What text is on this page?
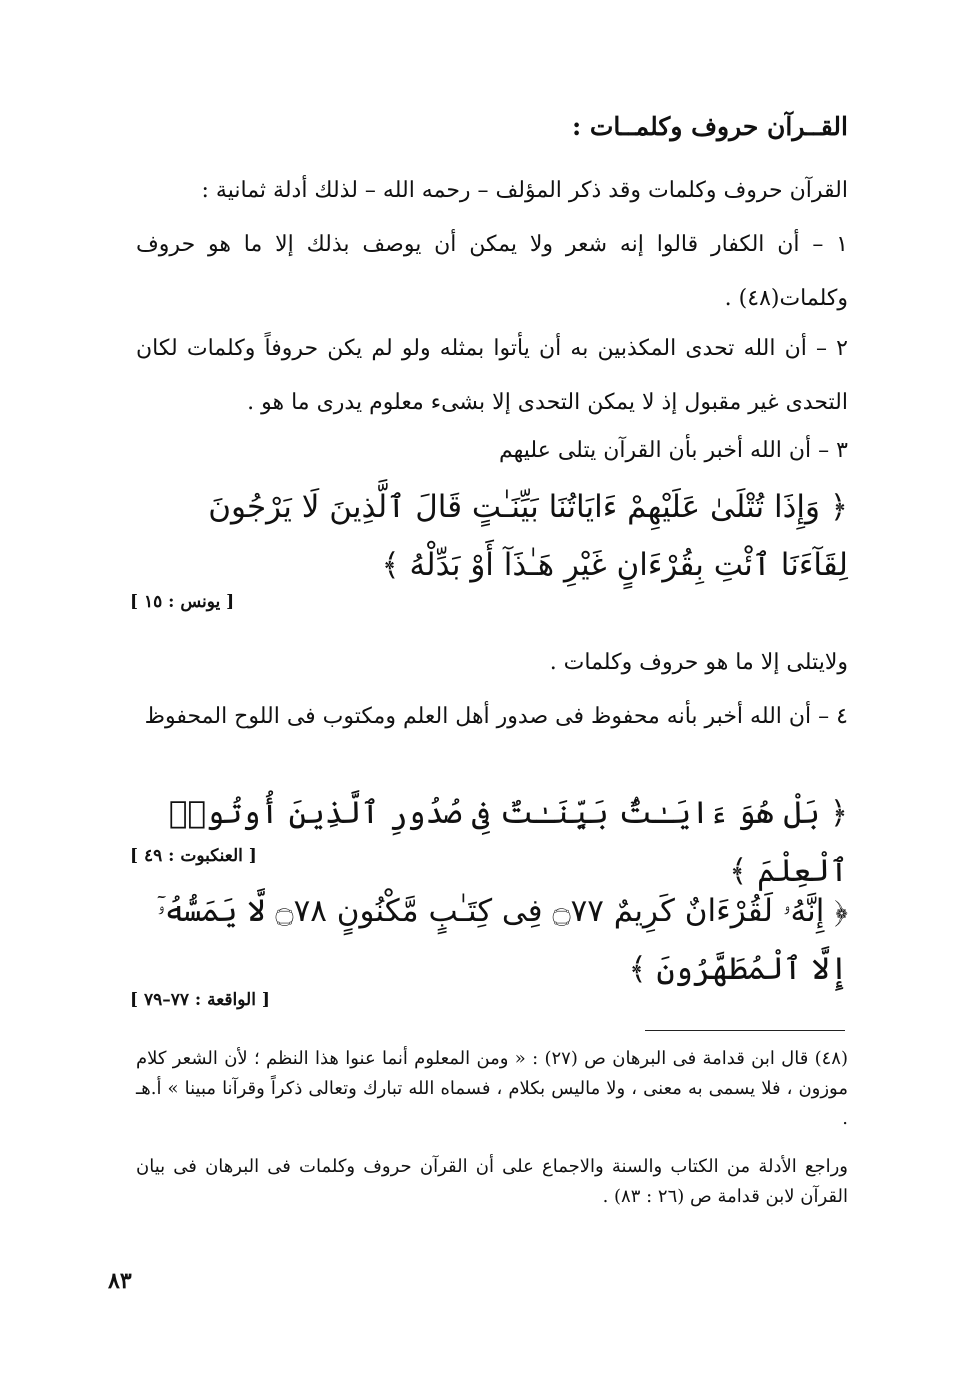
القــرآن حروف وكلمــات :
القرآن حروف وكلمات وقد ذكر المؤلف – رحمه الله – لذلك أدلة ثمانية :
١ – أن الكفار قالوا إنه شعر ولا يمكن أن يوصف بذلك إلا ما هو حروف وكلمات(٤٨) .
٢ – أن الله تحدى المكذبين به أن يأتوا بمثله ولو لم يكن حروفاً وكلمات لكان التحدى غير مقبول إذ لا يمكن التحدى إلا بشىء معلوم يدرى ما هو .
٣ – أن الله أخبر بأن القرآن يتلى عليهم
﴿ وَإِذَا تُتْلَىٰ عَلَيْهِمْ ءَايَاتُنَا بَيِّنَـٰتٍ قَالَ ٱلَّذِينَ لَا يَرْجُونَ لِقَآءَنَا ٱئْتِ بِقُرْءَانٍ غَيْرِ هَـٰذَآ أَوْ بَدِّلْهُ ﴾
[ يونس : ١٥ ]
ولايتلى إلا ما هو حروف وكلمات .
٤ – أن الله أخبر بأنه محفوظ فى صدور أهل العلم ومكتوب فى اللوح المحفوظ
﴿ بَلْ هُوَ ءَايَـٰتٌۢ بَيِّنَـٰتٌ فِى صُدُورِ ٱلَّذِينَ أُوتُوا۟ ٱلْعِلْمَ ﴾
[ العنكبوت : ٤٩ ]
﴿ إِنَّهُۥ لَقُرْءَانٌ كَرِيمٌ ۝٧٧ فِى كِتَـٰبٍ مَّكْنُونٍ ۝٧٨ لَّا يَمَسُّهُۥٓ إِلَّا ٱلْمُطَهَّرُونَ ﴾
[ الواقعة : ٧٧–٧٩ ]
(٤٨) قال ابن قدامة فى البرهان ص (٢٧) : « ومن المعلوم أنما عنوا هذا النظم ؛ لأن الشعر كلام موزون ، فلا يسمى به معنى ، ولا ماليس بكلام ، فسماه الله تبارك وتعالى ذكراً وقرآنا مبينا » أ.هـ .
وراجع الأدلة من الكتاب والسنة والاجماع على أن القرآن حروف وكلمات فى البرهان فى بيان القرآن لابن قدامة ص (٢٦ : ٨٣) .
٨٣
